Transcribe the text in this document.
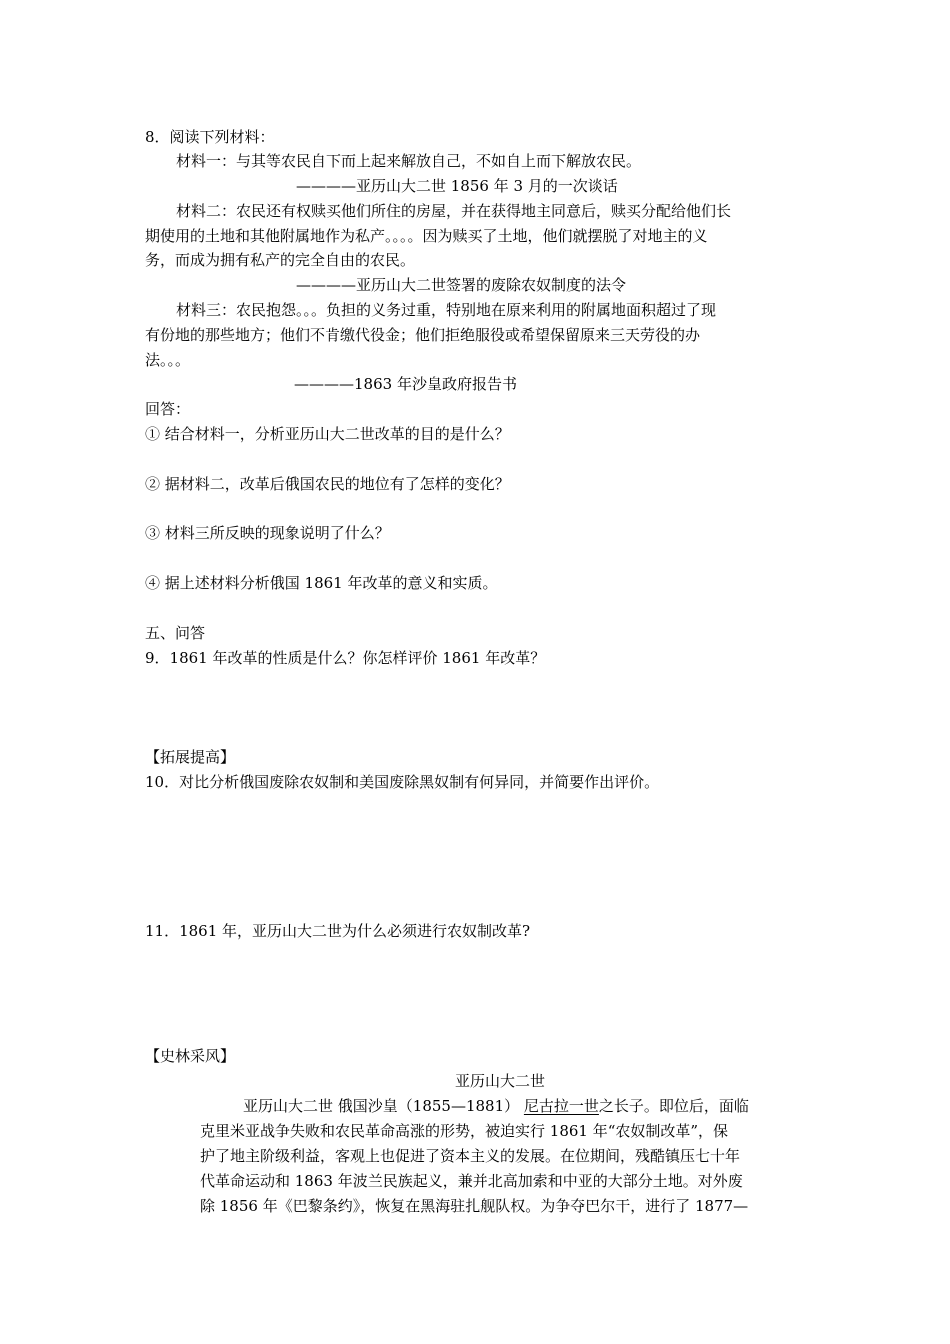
8．阅读下列材料：
材料一：与其等农民自下而上起来解放自己，不如自上而下解放农民。
————亚历山大二世 1856 年 3 月的一次谈话
材料二：农民还有权赎买他们所住的房屋，并在获得地主同意后，赎买分配给他们长
期使用的土地和其他附属地作为私产。。。。因为赎买了土地，他们就摆脱了对地主的义
务，而成为拥有私产的完全自由的农民。
————亚历山大二世签署的废除农奴制度的法令
材料三：农民抱怨。。。负担的义务过重，特别地在原来利用的附属地面积超过了现
有份地的那些地方；他们不肯缴代役金；他们拒绝服役或希望保留原来三天劳役的办
法。。。
————1863 年沙皇政府报告书
回答：
① 结合材料一，分析亚历山大二世改革的目的是什么？
② 据材料二，改革后俄国农民的地位有了怎样的变化？
③ 材料三所反映的现象说明了什么？
④ 据上述材料分析俄国 1861 年改革的意义和实质。
五、问答
9．1861 年改革的性质是什么？你怎样评价 1861 年改革？
【拓展提高】
10．对比分析俄国废除农奴制和美国废除黑奴制有何异同，并简要作出评价。
11．1861 年，亚历山大二世为什么必须进行农奴制改革?
【史林采风】
亚历山大二世
亚历山大二世 俄国沙皇（1855—1881） 尼古拉一世之长子。即位后，面临
克里米亚战争失败和农民革命高涨的形势，被迫实行 1861 年“农奴制改革”，保
护了地主阶级利益，客观上也促进了资本主义的发展。在位期间，残酷镇压七十年
代革命运动和 1863 年波兰民族起义，兼并北高加索和中亚的大部分土地。对外废
除 1856 年《巴黎条约》，恢复在黑海驻扎舰队权。为争夺巴尔干，进行了 1877—
